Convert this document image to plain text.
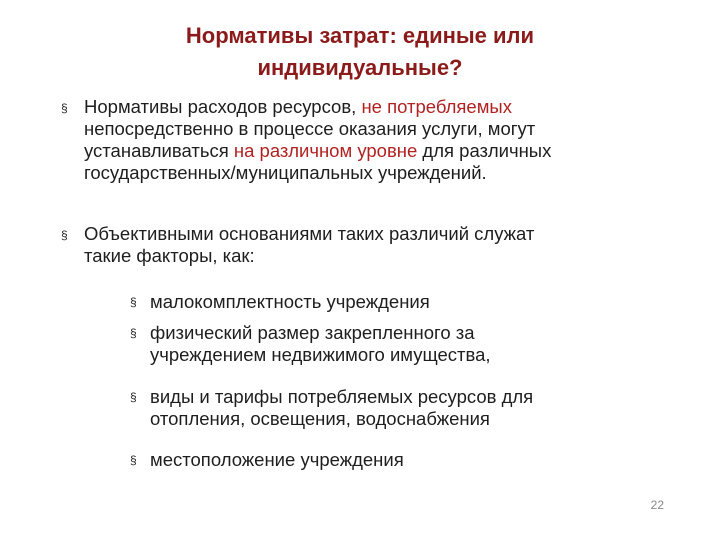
Нормативы затрат: единые или
индивидуальные?
§ Нормативы расходов ресурсов, не потребляемых
непосредственно в процессе оказания услуги, могут
устанавливаться на различном уровне для различных
государственных/муниципальных учреждений.
§ Объективными основаниями таких различий служат
такие факторы, как:
§ малокомплектность учреждения
§ физический размер закрепленного за
учреждением недвижимого имущества,
§ виды и тарифы потребляемых ресурсов для
отопления, освещения, водоснабжения
§ местоположение учреждения
22
